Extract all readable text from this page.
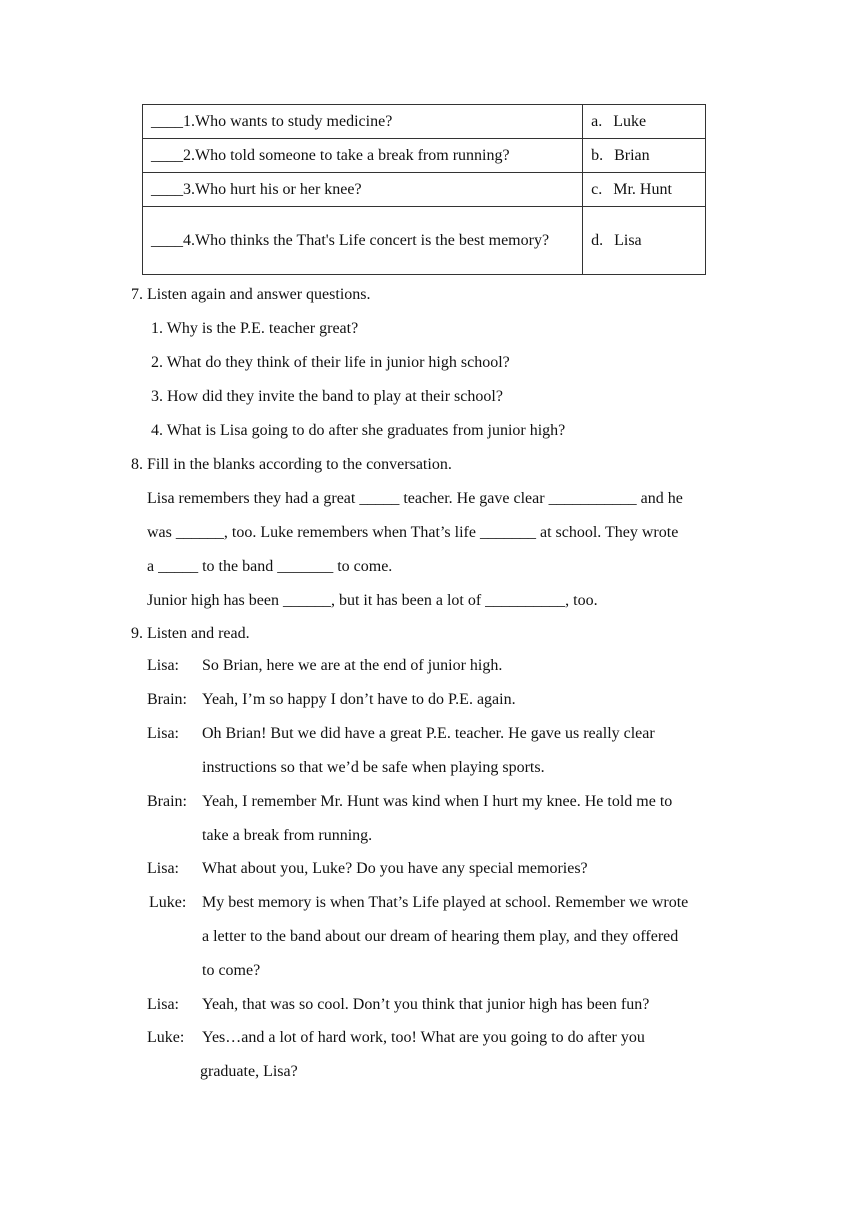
____1.Who wants to study medicine?	a. Luke
____2.Who told someone to take a break from running?	b. Brian
____3.Who hurt his or her knee?	c. Mr. Hunt
____4.Who thinks the That's Life concert is the best memory?	d. Lisa
7. Listen again and answer questions.
1. Why is the P.E. teacher great?
2. What do they think of their life in junior high school?
3. How did they invite the band to play at their school?
4. What is Lisa going to do after she graduates from junior high?
8. Fill in the blanks according to the conversation.
Lisa remembers they had a great _____ teacher. He gave clear ___________ and he
was ______, too. Luke remembers when That’s life _______ at school. They wrote
a _____ to the band _______ to come.
Junior high has been ______, but it has been a lot of __________, too.
9. Listen and read.
Lisa: So Brian, here we are at the end of junior high.
Brain: Yeah, I’m so happy I don’t have to do P.E. again.
Lisa: Oh Brian! But we did have a great P.E. teacher. He gave us really clear
instructions so that we’d be safe when playing sports.
Brain: Yeah, I remember Mr. Hunt was kind when I hurt my knee. He told me to
take a break from running.
Lisa: What about you, Luke? Do you have any special memories?
Luke: My best memory is when That’s Life played at school. Remember we wrote
a letter to the band about our dream of hearing them play, and they offered
to come?
Lisa: Yeah, that was so cool. Don’t you think that junior high has been fun?
Luke: Yes…and a lot of hard work, too! What are you going to do after you
graduate, Lisa?
